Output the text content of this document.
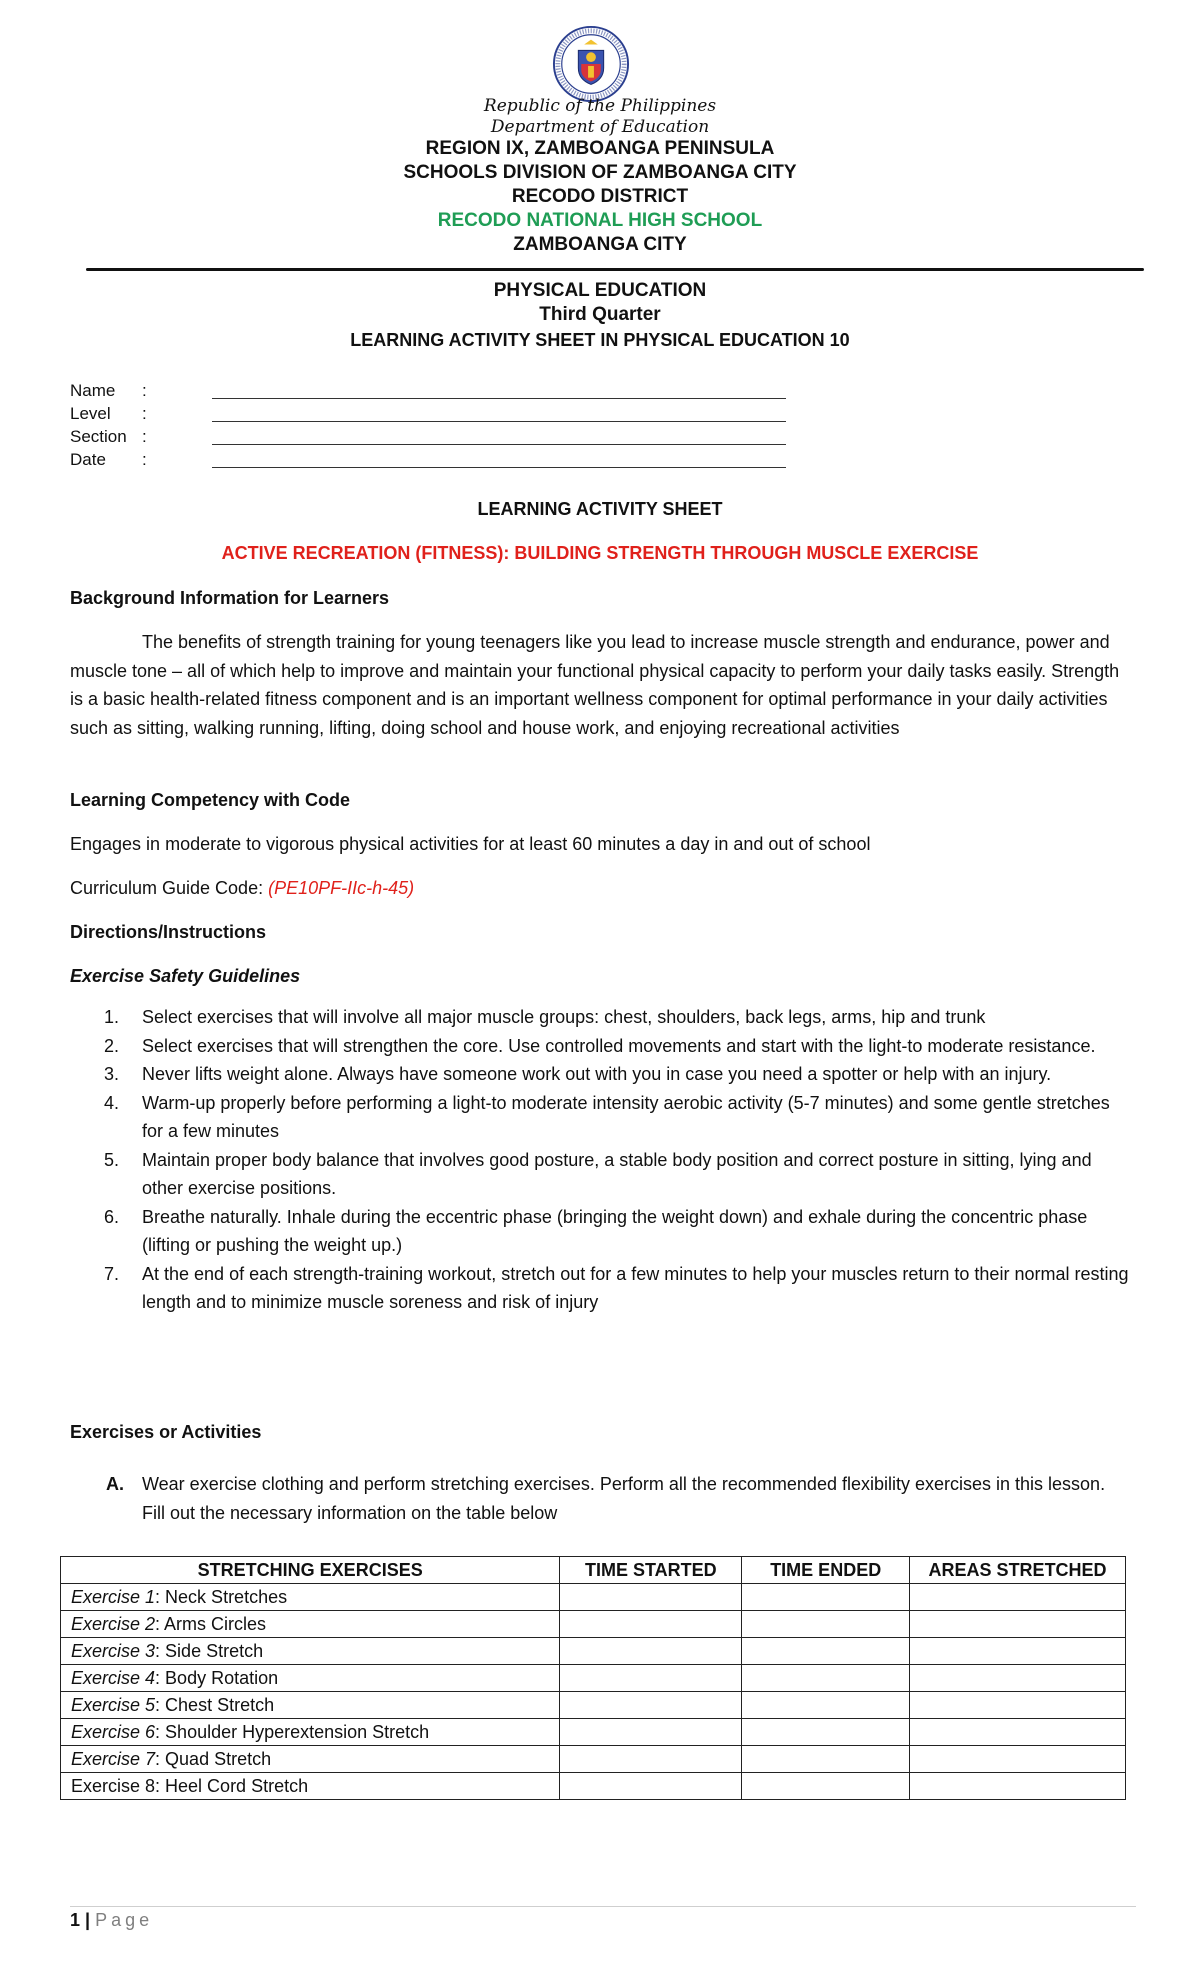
Republic of the Philippines
Department of Education
REGION IX, ZAMBOANGA PENINSULA
SCHOOLS DIVISION OF ZAMBOANGA CITY
RECODO DISTRICT
RECODO NATIONAL HIGH SCHOOL
ZAMBOANGA CITY
PHYSICAL EDUCATION
Third Quarter
LEARNING ACTIVITY SHEET IN PHYSICAL EDUCATION 10
Name :
Level :
Section :
Date :
LEARNING ACTIVITY SHEET
ACTIVE RECREATION (FITNESS): BUILDING STRENGTH THROUGH MUSCLE EXERCISE
Background Information for Learners
The benefits of strength training for young teenagers like you lead to increase muscle strength and endurance, power and muscle tone – all of which help to improve and maintain your functional physical capacity to perform your daily tasks easily. Strength is a basic health-related fitness component and is an important wellness component for optimal performance in your daily activities such as sitting, walking running, lifting, doing school and house work, and enjoying recreational activities
Learning Competency with Code
Engages in moderate to vigorous physical activities for at least 60 minutes a day in and out of school
Curriculum Guide Code: (PE10PF-IIc-h-45)
Directions/Instructions
Exercise Safety Guidelines
1. Select exercises that will involve all major muscle groups: chest, shoulders, back legs, arms, hip and trunk
2. Select exercises that will strengthen the core. Use controlled movements and start with the light-to moderate resistance.
3. Never lifts weight alone. Always have someone work out with you in case you need a spotter or help with an injury.
4. Warm-up properly before performing a light-to moderate intensity aerobic activity (5-7 minutes) and some gentle stretches for a few minutes
5. Maintain proper body balance that involves good posture, a stable body position and correct posture in sitting, lying and other exercise positions.
6. Breathe naturally. Inhale during the eccentric phase (bringing the weight down) and exhale during the concentric phase (lifting or pushing the weight up.)
7. At the end of each strength-training workout, stretch out for a few minutes to help your muscles return to their normal resting length and to minimize muscle soreness and risk of injury
Exercises or Activities
A.	Wear exercise clothing and perform stretching exercises. Perform all the recommended flexibility exercises in this lesson. Fill out the necessary information on the table below
STRETCHING EXERCISES	TIME STARTED	TIME ENDED	AREAS STRETCHED
Exercise 1: Neck Stretches			
Exercise 2: Arms Circles			
Exercise 3: Side Stretch			
Exercise 4: Body Rotation			
Exercise 5: Chest Stretch			
Exercise 6: Shoulder Hyperextension Stretch			
Exercise 7: Quad Stretch			
Exercise 8: Heel Cord Stretch			
1 | Page
